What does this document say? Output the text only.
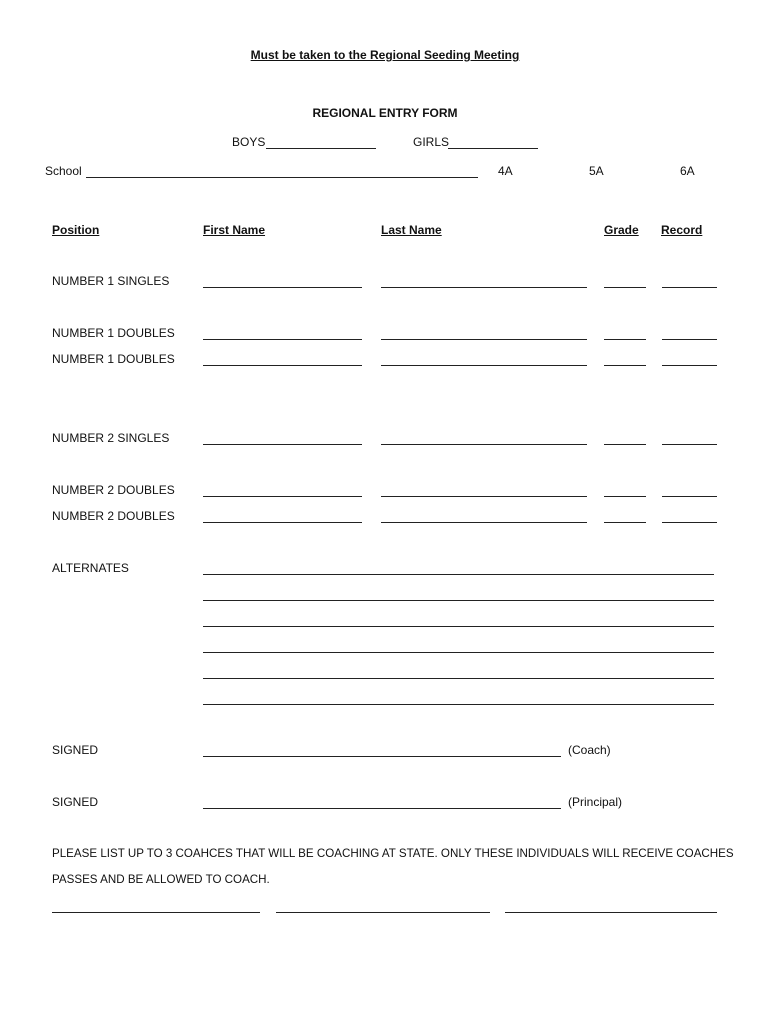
Must be taken to the Regional Seeding Meeting
REGIONAL ENTRY FORM
BOYS	GIRLS
School	4A	5A	6A
Position	First Name	Last Name	Grade Record
NUMBER 1 SINGLES
NUMBER 1 DOUBLES
NUMBER 1 DOUBLES
NUMBER 2 SINGLES
NUMBER 2 DOUBLES
NUMBER 2 DOUBLES
ALTERNATES
SIGNED	(Coach)
SIGNED	(Principal)
PLEASE LIST UP TO 3 COAHCES THAT WILL BE COACHING AT STATE. ONLY THESE INDIVIDUALS WILL RECEIVE COACHES
PASSES AND BE ALLOWED TO COACH.
